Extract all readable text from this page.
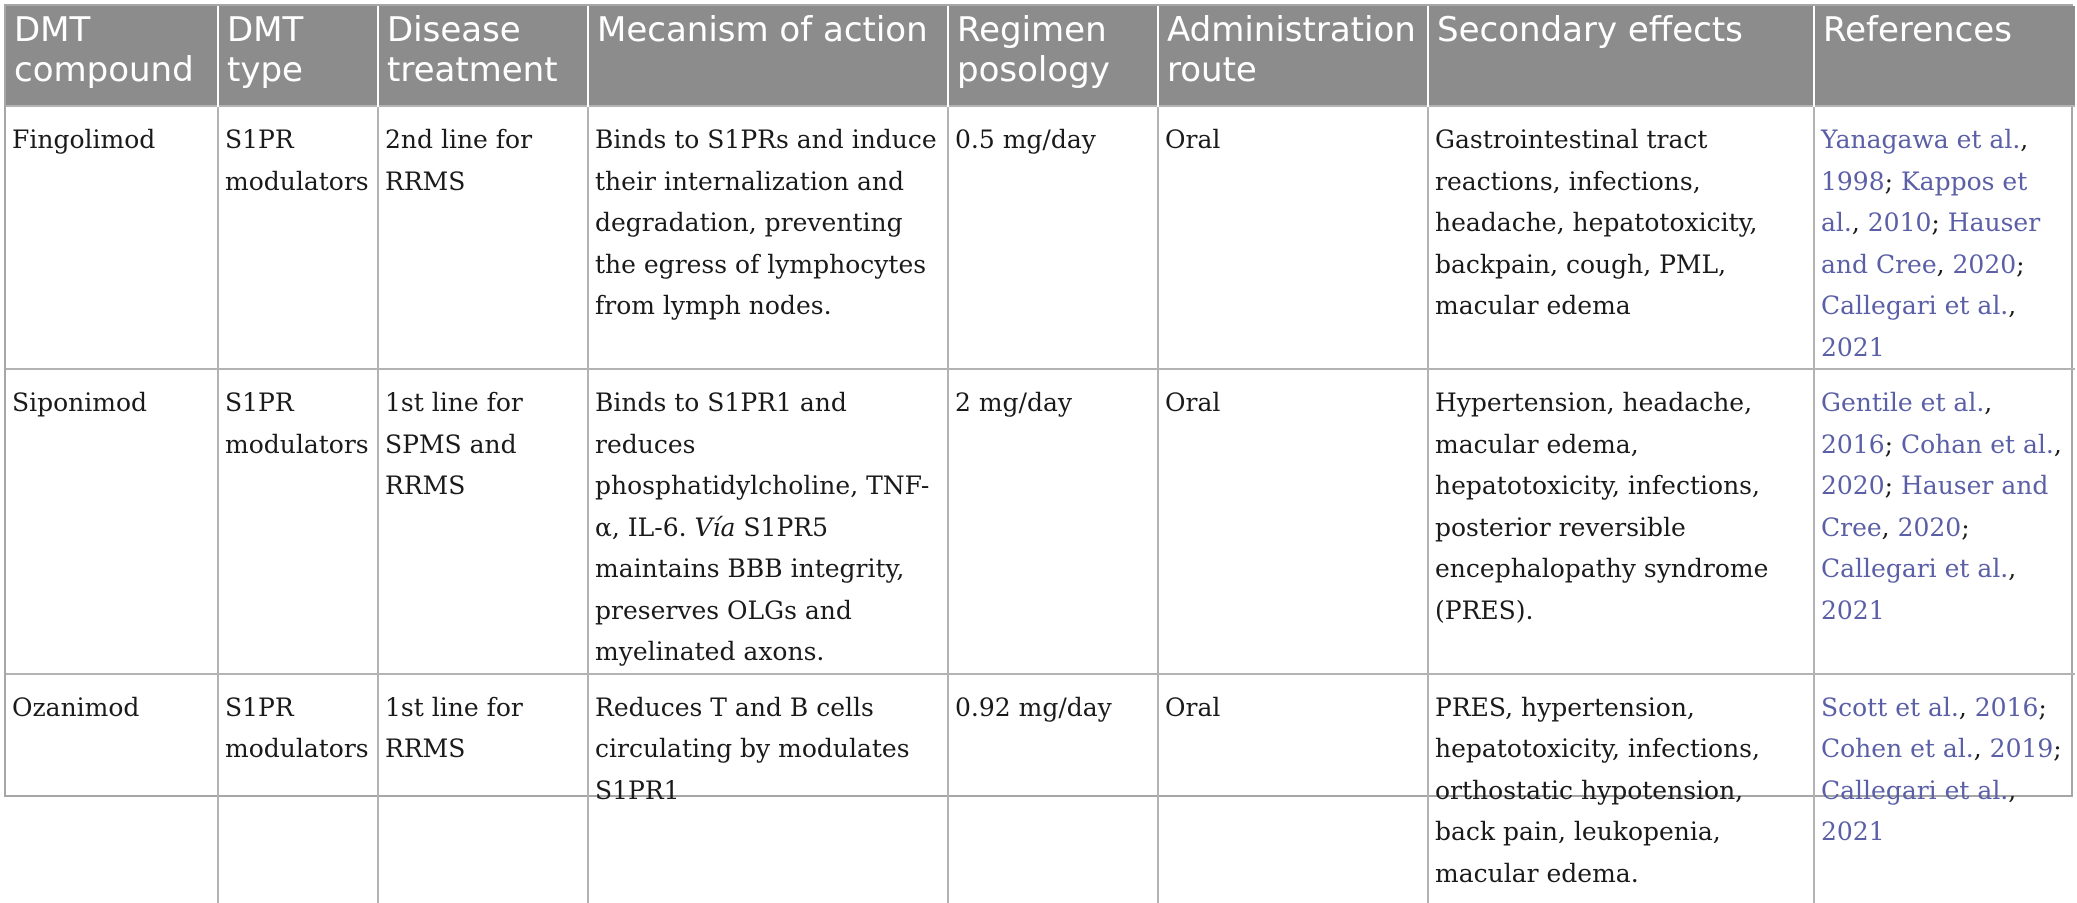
DMT compound	DMT type	Disease treatment	Mecanism of action	Regimen posology	Administration route	Secondary effects	References
Fingolimod	S1PR modulators	2nd line for RRMS	Binds to S1PRs and induce their internalization and degradation, preventing the egress of lymphocytes from lymph nodes.	0.5 mg/day	Oral	Gastrointestinal tract reactions, infections, headache, hepatotoxicity, backpain, cough, PML, macular edema	Yanagawa et al., 1998; Kappos et al., 2010; Hauser and Cree, 2020; Callegari et al., 2021
Siponimod	S1PR modulators	1st line for SPMS and RRMS	Binds to S1PR1 and reduces phosphatidylcholine, TNF-α, IL-6. Vía S1PR5 maintains BBB integrity, preserves OLGs and myelinated axons.	2 mg/day	Oral	Hypertension, headache, macular edema, hepatotoxicity, infections, posterior reversible encephalopathy syndrome (PRES).	Gentile et al., 2016; Cohan et al., 2020; Hauser and Cree, 2020; Callegari et al., 2021
Ozanimod	S1PR modulators	1st line for RRMS	Reduces T and B cells circulating by modulates S1PR1	0.92 mg/day	Oral	PRES, hypertension, hepatotoxicity, infections, orthostatic hypotension, back pain, leukopenia, macular edema.	Scott et al., 2016; Cohen et al., 2019; Callegari et al., 2021
